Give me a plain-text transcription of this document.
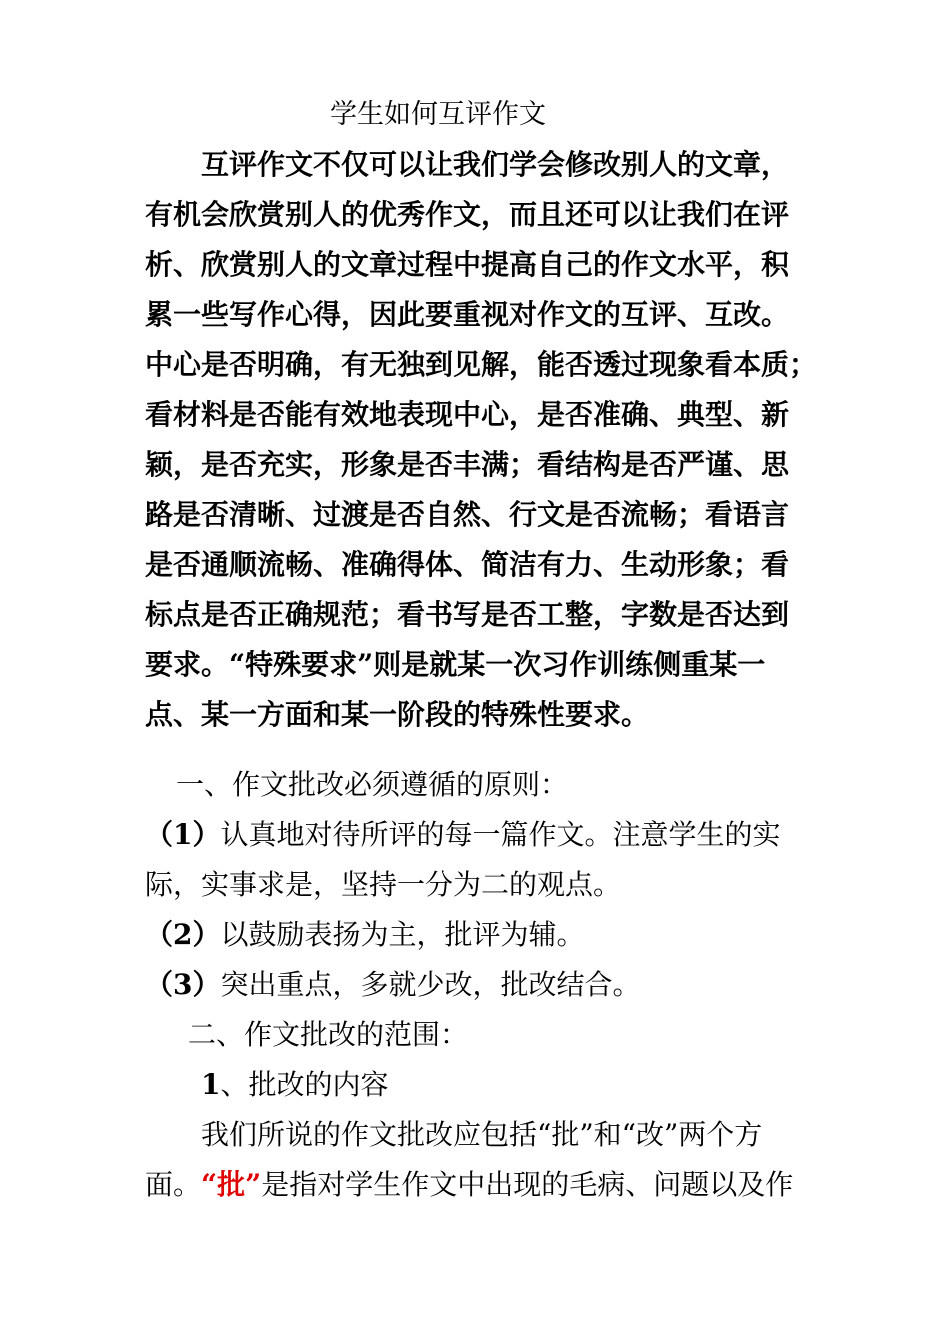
学生如何互评作文
互评作文不仅可以让我们学会修改别人的文章，
有机会欣赏别人的优秀作文，而且还可以让我们在评
析、欣赏别人的文章过程中提高自己的作文水平，积
累一些写作心得，因此要重视对作文的互评、互改。
中心是否明确，有无独到见解，能否透过现象看本质；
看材料是否能有效地表现中心，是否准确、典型、新
颖，是否充实，形象是否丰满；看结构是否严谨、思
路是否清晰、过渡是否自然、行文是否流畅；看语言
是否通顺流畅、准确得体、简洁有力、生动形象；看
标点是否正确规范；看书写是否工整，字数是否达到
要求。“特殊要求”则是就某一次习作训练侧重某一
点、某一方面和某一阶段的特殊性要求。
一、作文批改必须遵循的原则：
（1）认真地对待所评的每一篇作文。注意学生的实
际，实事求是，坚持一分为二的观点。
（2）以鼓励表扬为主，批评为辅。
（3）突出重点，多就少改，批改结合。
二、作文批改的范围：
1、批改的内容
我们所说的作文批改应包括“批”和“改”两个方
面。“批”是指对学生作文中出现的毛病、问题以及作
